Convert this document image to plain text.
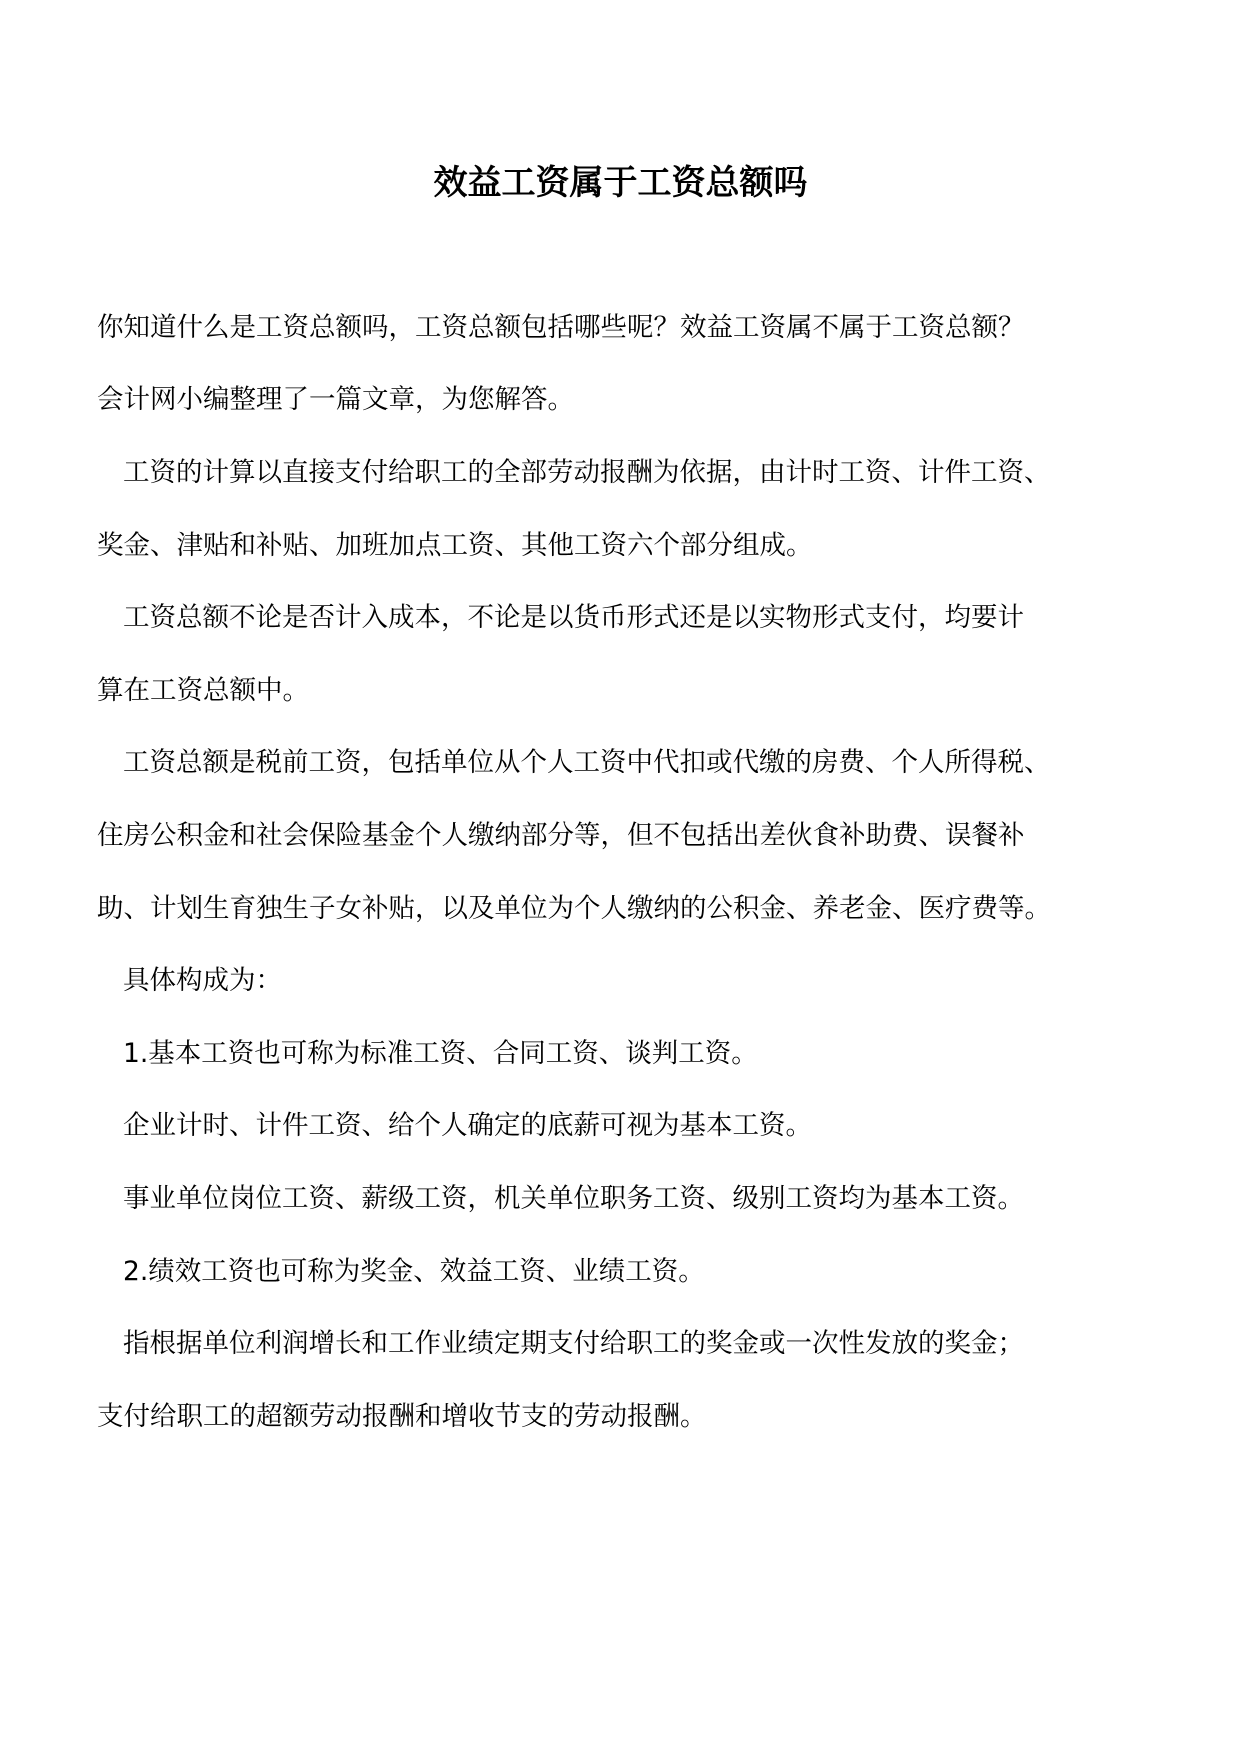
效益工资属于工资总额吗
你知道什么是工资总额吗，工资总额包括哪些呢？效益工资属不属于工资总额？
会计网小编整理了一篇文章，为您解答。
工资的计算以直接支付给职工的全部劳动报酬为依据，由计时工资、计件工资、
奖金、津贴和补贴、加班加点工资、其他工资六个部分组成。
工资总额不论是否计入成本，不论是以货币形式还是以实物形式支付，均要计
算在工资总额中。
工资总额是税前工资，包括单位从个人工资中代扣或代缴的房费、个人所得税、
住房公积金和社会保险基金个人缴纳部分等，但不包括出差伙食补助费、误餐补
助、计划生育独生子女补贴，以及单位为个人缴纳的公积金、养老金、医疗费等。
具体构成为：
1.基本工资也可称为标准工资、合同工资、谈判工资。
企业计时、计件工资、给个人确定的底薪可视为基本工资。
事业单位岗位工资、薪级工资，机关单位职务工资、级别工资均为基本工资。
2.绩效工资也可称为奖金、效益工资、业绩工资。
指根据单位利润增长和工作业绩定期支付给职工的奖金或一次性发放的奖金；
支付给职工的超额劳动报酬和增收节支的劳动报酬。
